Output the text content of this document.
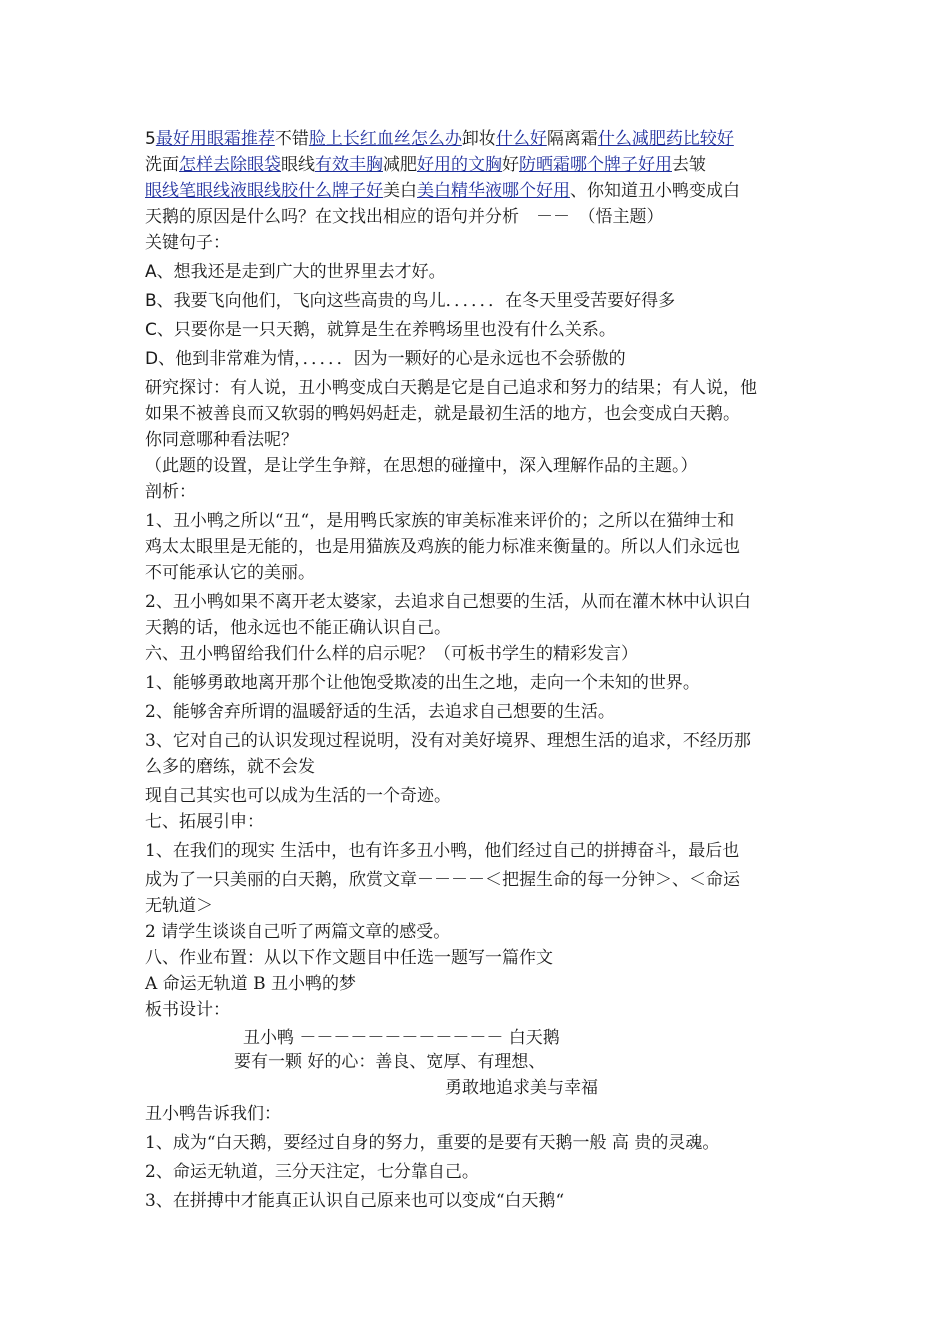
5最好用眼霜推荐不错脸上长红血丝怎么办卸妆什么好隔离霜什么减肥药比较好

洗面怎样去除眼袋眼线有效丰胸减肥好用的文胸好防晒霜哪个牌子好用去皱

眼线笔眼线液眼线胶什么牌子好美白美白精华液哪个好用、你知道丑小鸭变成白

天鹅的原因是什么吗？在文找出相应的语句并分析　－－　（悟主题）

关键句子：

A、想我还是走到广大的世界里去才好。

B、我要飞向他们，飞向这些高贵的鸟儿．．．．．．在冬天里受苦要好得多

C、只要你是一只天鹅，就算是生在养鸭场里也没有什么关系。

D、他到非常难为情，．．．．．因为一颗好的心是永远也不会骄傲的

研究探讨：有人说，丑小鸭变成白天鹅是它是自己追求和努力的结果；有人说，他

如果不被善良而又软弱的鸭妈妈赶走，就是最初生活的地方，也会变成白天鹅。

你同意哪种看法呢？

（此题的设置，是让学生争辩，在思想的碰撞中，深入理解作品的主题。）

剖析：

1、丑小鸭之所以“丑“，是用鸭氏家族的审美标准来评价的；之所以在猫绅士和

鸡太太眼里是无能的，也是用猫族及鸡族的能力标准来衡量的。所以人们永远也

不可能承认它的美丽。

2、丑小鸭如果不离开老太婆家，去追求自己想要的生活，从而在灌木林中认识白

天鹅的话，他永远也不能正确认识自己。

六、丑小鸭留给我们什么样的启示呢？（可板书学生的精彩发言）

1、能够勇敢地离开那个让他饱受欺凌的出生之地，走向一个未知的世界。

2、能够舍弃所谓的温暖舒适的生活，去追求自己想要的生活。

3、它对自己的认识发现过程说明，没有对美好境界、理想生活的追求，不经历那

么多的磨练，就不会发

现自己其实也可以成为生活的一个奇迹。

七、拓展引申：

1、在我们的现实 生活中，也有许多丑小鸭，他们经过自己的拼搏奋斗，最后也

成为了一只美丽的白天鹅，欣赏文章－－－－＜把握生命的每一分钟＞、＜命运

无轨道＞

2 请学生谈谈自己听了两篇文章的感受。

八、作业布置：从以下作文题目中任选一题写一篇作文

A 命运无轨道 B 丑小鸭的梦

板书设计：

丑小鸭 －－－－－－－－－－－－ 白天鹅
要有一颗 好的心：善良、宽厚、有理想、
勇敢地追求美与幸福

丑小鸭告诉我们：

1、成为“白天鹅，要经过自身的努力，重要的是要有天鹅一般 高 贵的灵魂。

2、命运无轨道，三分天注定，七分靠自己。

3、在拼搏中才能真正认识自己原来也可以变成“白天鹅“
